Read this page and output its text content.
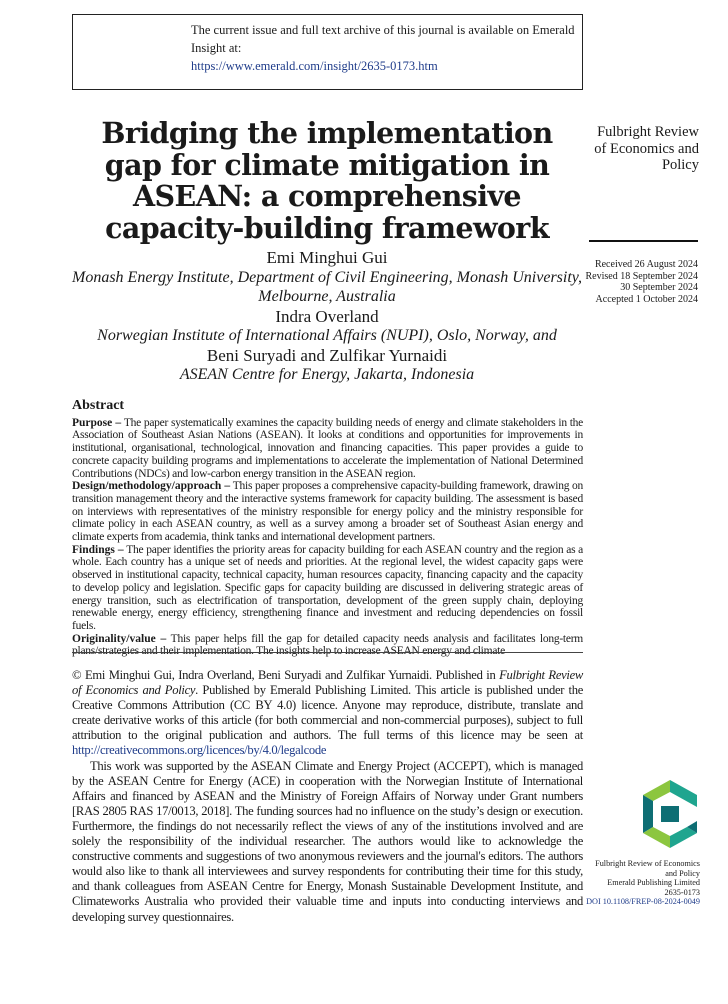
The current issue and full text archive of this journal is available on Emerald Insight at:
https://www.emerald.com/insight/2635-0173.htm
Bridging the implementation gap for climate mitigation in ASEAN: a comprehensive capacity-building framework
Emi Minghui Gui
Monash Energy Institute, Department of Civil Engineering, Monash University, Melbourne, Australia
Indra Overland
Norwegian Institute of International Affairs (NUPI), Oslo, Norway, and
Beni Suryadi and Zulfikar Yurnaidi
ASEAN Centre for Energy, Jakarta, Indonesia
Fulbright Review of Economics and Policy
Received 26 August 2024
Revised 18 September 2024
30 September 2024
Accepted 1 October 2024
Abstract

Purpose – The paper systematically examines the capacity building needs of energy and climate stakeholders in the Association of Southeast Asian Nations (ASEAN). It looks at conditions and opportunities for improvements in institutional, organisational, technological, innovation and financing capacities. This paper provides a guide to concrete capacity building programs and implementations to accelerate the implementation of National Determined Contributions (NDCs) and low-carbon energy transition in the ASEAN region.

Design/methodology/approach – This paper proposes a comprehensive capacity-building framework, drawing on transition management theory and the interactive systems framework for capacity building. The assessment is based on interviews with representatives of the ministry responsible for energy policy and the ministry responsible for climate policy in each ASEAN country, as well as a survey among a broader set of Southeast Asian energy and climate experts from academia, think tanks and international development partners.

Findings – The paper identifies the priority areas for capacity building for each ASEAN country and the region as a whole. Each country has a unique set of needs and priorities. At the regional level, the widest capacity gaps were observed in institutional capacity, technical capacity, human resources capacity, financing capacity and the capacity to develop policy and legislation. Specific gaps for capacity building are discussed in delivering strategic areas of energy transition, such as electrification of transportation, development of the green supply chain, deploying renewable energy, energy efficiency, strengthening finance and investment and reducing dependencies on fossil fuels.

Originality/value – This paper helps fill the gap for detailed capacity needs analysis and facilitates long-term plans/strategies and their implementation. The insights help to increase ASEAN energy and climate

© Emi Minghui Gui, Indra Overland, Beni Suryadi and Zulfikar Yurnaidi. Published in Fulbright Review of Economics and Policy. Published by Emerald Publishing Limited. This article is published under the Creative Commons Attribution (CC BY 4.0) licence. Anyone may reproduce, distribute, translate and create derivative works of this article (for both commercial and non-commercial purposes), subject to full attribution to the original publication and authors. The full terms of this licence may be seen at http://creativecommons.org/licences/by/4.0/legalcode

This work was supported by the ASEAN Climate and Energy Project (ACCEPT), which is managed by the ASEAN Centre for Energy (ACE) in cooperation with the Norwegian Institute of International Affairs and financed by ASEAN and the Ministry of Foreign Affairs of Norway under Grant numbers [RAS 2805 RAS 17/0013, 2018]. The funding sources had no influence on the study’s design or execution. Furthermore, the findings do not necessarily reflect the views of any of the institutions involved and are solely the responsibility of the individual researcher. The authors would like to acknowledge the constructive comments and suggestions of two anonymous reviewers and the journal's editors. The authors would also like to thank all interviewees and survey respondents for contributing their time for this study, and thank colleagues from ASEAN Centre for Energy, Monash Sustainable Development Institute, and Climateworks Australia who provided their valuable time and inputs into conducting interviews and developing survey questionnaires.

Fulbright Review of Economics
and Policy
Emerald Publishing Limited
2635-0173
DOI 10.1108/FREP-08-2024-0049
